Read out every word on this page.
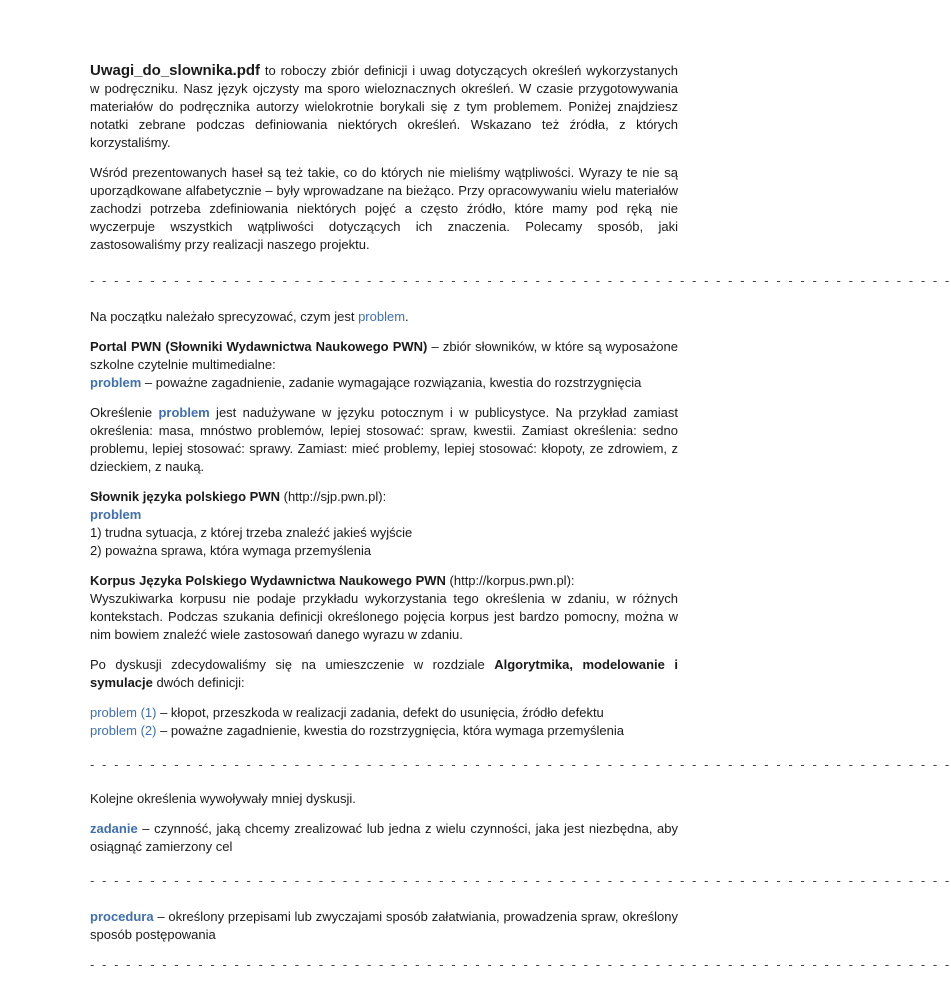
Uwagi_do_slownika.pdf to roboczy zbiór definicji i uwag dotyczących określeń wykorzystanych w podręczniku. Nasz język ojczysty ma sporo wieloznacznych określeń. W czasie przygotowywania materiałów do podręcznika autorzy wielokrotnie borykali się z tym problemem. Poniżej znajdziesz notatki zebrane podczas definiowania niektórych określeń. Wskazano też źródła, z których korzystaliśmy.

Wśród prezentowanych haseł są też takie, co do których nie mieliśmy wątpliwości. Wyrazy te nie są uporządkowane alfabetycznie – były wprowadzane na bieżąco. Przy opracowywaniu wielu materiałów zachodzi potrzeba zdefiniowania niektórych pojęć a często źródło, które mamy pod ręką nie wyczerpuje wszystkich wątpliwości dotyczących ich znaczenia. Polecamy sposób, jaki zastosowaliśmy przy realizacji naszego projektu.

- - - - - - - - - - - - - - - - - - - - - - - - - - - - - - - - - - - - - - - - - - - - - - - - - - - - - - - - - - - - - - - - - - - - - - - -

Na początku należało sprecyzować, czym jest problem.

Portal PWN (Słowniki Wydawnictwa Naukowego PWN) – zbiór słowników, w które są wyposażone szkolne czytelnie multimedialne:
problem – poważne zagadnienie, zadanie wymagające rozwiązania, kwestia do rozstrzygnięcia

Określenie problem jest nadużywane w języku potocznym i w publicystyce. Na przykład zamiast określenia: masa, mnóstwo problemów, lepiej stosować: spraw, kwestii. Zamiast określenia: sedno problemu, lepiej stosować: sprawy. Zamiast: mieć problemy, lepiej stosować: kłopoty, ze zdrowiem, z dzieckiem, z nauką.

Słownik języka polskiego PWN (http://sjp.pwn.pl):
problem
1) trudna sytuacja, z której trzeba znaleźć jakieś wyjście
2) poważna sprawa, która wymaga przemyślenia

Korpus Języka Polskiego Wydawnictwa Naukowego PWN (http://korpus.pwn.pl):
Wyszukiwarka korpusu nie podaje przykładu wykorzystania tego określenia w zdaniu, w różnych kontekstach. Podczas szukania definicji określonego pojęcia korpus jest bardzo pomocny, można w nim bowiem znaleźć wiele zastosowań danego wyrazu w zdaniu.

Po dyskusji zdecydowaliśmy się na umieszczenie w rozdziale Algorytmika, modelowanie i symulacje dwóch definicji:

problem (1) – kłopot, przeszkoda w realizacji zadania, defekt do usunięcia, źródło defektu
problem (2) – poważne zagadnienie, kwestia do rozstrzygnięcia, która wymaga przemyślenia

- - - - - - - - - - - - - - - - - - - - - - - - - - - - - - - - - - - - - - - - - - - - - - - - - - - - - - - - - - - - - - - - - - - - - - - -

Kolejne określenia wywoływały mniej dyskusji.

zadanie – czynność, jaką chcemy zrealizować lub jedna z wielu czynności, jaka jest niezbędna, aby osiągnąć zamierzony cel

- - - - - - - - - - - - - - - - - - - - - - - - - - - - - - - - - - - - - - - - - - - - - - - - - - - - - - - - - - - - - - - - - - - - - - - -

procedura – określony przepisami lub zwyczajami sposób załatwiania, prowadzenia spraw, określony sposób postępowania

- - - - - - - - - - - - - - - - - - - - - - - - - - - - - - - - - - - - - - - - - - - - - - - - - - - - - - - - - - - - - - - - - - - - - - - -
